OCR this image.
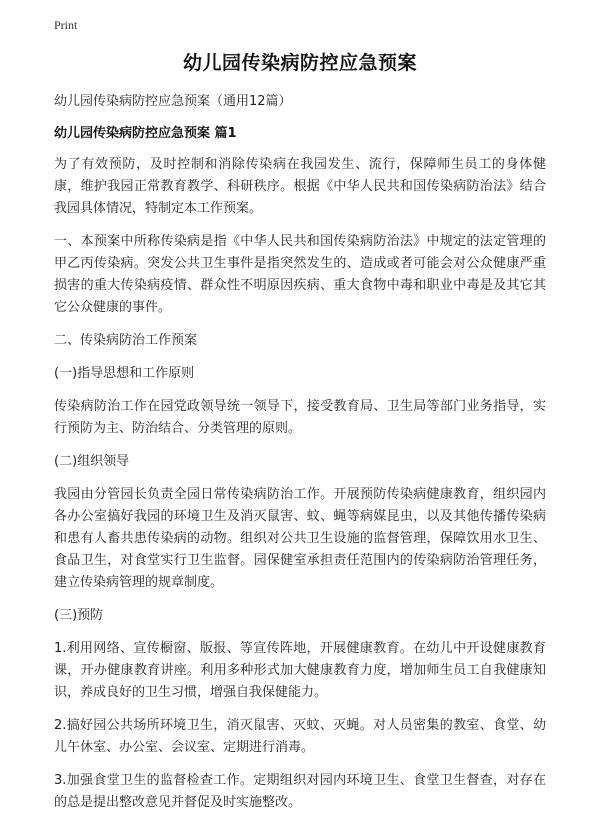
Print
幼儿园传染病防控应急预案

幼儿园传染病防控应急预案（通用12篇）

幼儿园传染病防控应急预案 篇1

为了有效预防，及时控制和消除传染病在我园发生、流行，保障师生员工的身体健康，维护我园正常教育教学、科研秩序。根据《中华人民共和国传染病防治法》结合我园具体情况，特制定本工作预案。

一、本预案中所称传染病是指《中华人民共和国传染病防治法》中规定的法定管理的甲乙丙传染病。突发公共卫生事件是指突然发生的、造成或者可能会对公众健康严重损害的重大传染病疫情、群众性不明原因疾病、重大食物中毒和职业中毒是及其它其它公众健康的事件。

二、传染病防治工作预案

(一)指导思想和工作原则

传染病防治工作在园党政领导统一领导下，接受教育局、卫生局等部门业务指导，实行预防为主、防治结合、分类管理的原则。

(二)组织领导

我园由分管园长负责全园日常传染病防治工作。开展预防传染病健康教育，组织园内各办公室搞好我园的环境卫生及消灭鼠害、蚊、蝇等病媒昆虫，以及其他传播传染病和患有人畜共患传染病的动物。组织对公共卫生设施的监督管理，保障饮用水卫生、食品卫生，对食堂实行卫生监督。园保健室承担责任范围内的传染病防治管理任务，建立传染病管理的规章制度。

(三)预防

1.利用网络、宣传橱窗、版报、等宣传阵地，开展健康教育。在幼儿中开设健康教育课，开办健康教育讲座。利用多种形式加大健康教育力度，增加师生员工自我健康知识，养成良好的卫生习惯，增强自我保健能力。

2.搞好园公共场所环境卫生，消灭鼠害、灭蚊、灭蝇。对人员密集的教室、食堂、幼儿午休室、办公室、会议室、定期进行消毒。

3.加强食堂卫生的监督检查工作。定期组织对园内环境卫生、食堂卫生督查，对存在的总是提出整改意见并督促及时实施整改。
